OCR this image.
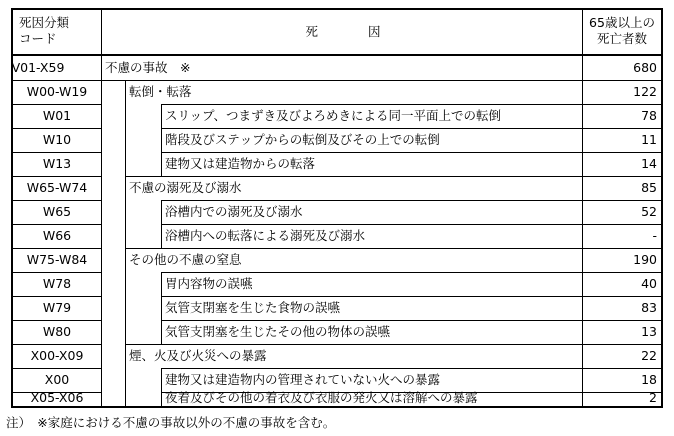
死因分類
コード	死　　　　因
65歳以上の
死亡者数
V01-X59
W00-W19
W01
W10
W13
W65-W74
W65
W66
W75-W84
W78
W79
W80
X00-X09
X00
X05-X06
不慮の事故　※
転倒・転落
スリップ、つまずき及びよろめきによる同一平面上での転倒
階段及びステップからの転倒及びその上での転倒
建物又は建造物からの転落
不慮の溺死及び溺水
浴槽内での溺死及び溺水
浴槽内への転落による溺死及び溺水
その他の不慮の窒息
胃内容物の誤嚥
気管支閉塞を生じた食物の誤嚥
気管支閉塞を生じたその他の物体の誤嚥
煙、火及び火災への暴露
建物又は建造物内の管理されていない火への暴露
夜着及びその他の着衣及び衣服の発火又は溶解への暴露
680
122
78
11
14
85
52
-
190
40
83
13
22
18
2
注）　※家庭における不慮の事故以外の不慮の事故を含む。
